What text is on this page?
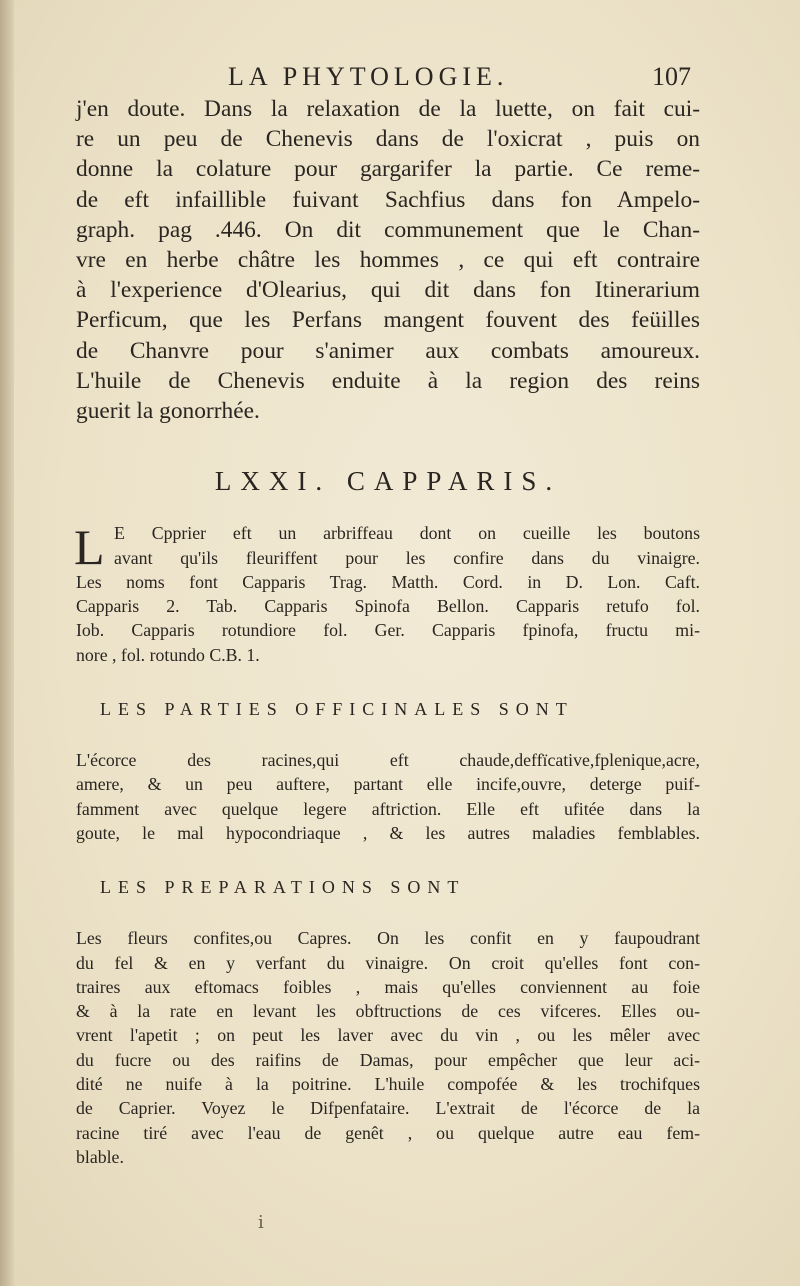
LA PHYTOLOGIE.	107
j'en doute. Dans la relaxation de la luette, on fait cui-
re un peu de Chenevis dans de l'oxicrat , puis on
donne la colature pour gargarifer la partie. Ce reme-
de eft infaillible fuivant Sachfius dans fon Ampelo-
graph. pag .446. On dit communement que le Chan-
vre en herbe châtre les hommes , ce qui eft contraire
à l'experience d'Olearius, qui dit dans fon Itinerarium
Perficum, que les Perfans mangent fouvent des feüilles
de Chanvre pour s'animer aux combats amoureux.
L'huile de Chenevis enduite à la region des reins
guerit la gonorrhée.
LXXI. CAPPARIS.
L E Cpprier eft un arbriffeau dont on cueille les boutons
avant qu'ils fleuriffent pour les confire dans du vinaigre.
Les noms font Capparis Trag. Matth. Cord. in D. Lon. Caft.
Capparis 2. Tab. Capparis Spinofa Bellon. Capparis retufo fol.
Iob. Capparis rotundiore fol. Ger. Capparis fpinofa, fructu mi-
nore , fol. rotundo C.B. 1.
LES PARTIES OFFICINALES SONT
L'écorce des racines,qui eft chaude,deffïcative,fplenique,acre,
amere, & un peu auftere, partant elle incife,ouvre, deterge puif-
famment avec quelque legere aftriction. Elle eft ufitée dans la
goute, le mal hypocondriaque , & les autres maladies femblables.
LES PREPARATIONS SONT
Les fleurs confites,ou Capres. On les confit en y faupoudrant
du fel & en y verfant du vinaigre. On croit qu'elles font con-
traires aux eftomacs foibles , mais qu'elles conviennent au foie
& à la rate en levant les obftructions de ces vifceres. Elles ou-
vrent l'apetit ; on peut les laver avec du vin , ou les mêler avec
du fucre ou des raifins de Damas, pour empêcher que leur aci-
dité ne nuife à la poitrine. L'huile compofée & les trochifques
de Caprier. Voyez le Difpenfataire. L'extrait de l'écorce de la
racine tiré avec l'eau de genêt , ou quelque autre eau fem-
blable.
ⅰ
